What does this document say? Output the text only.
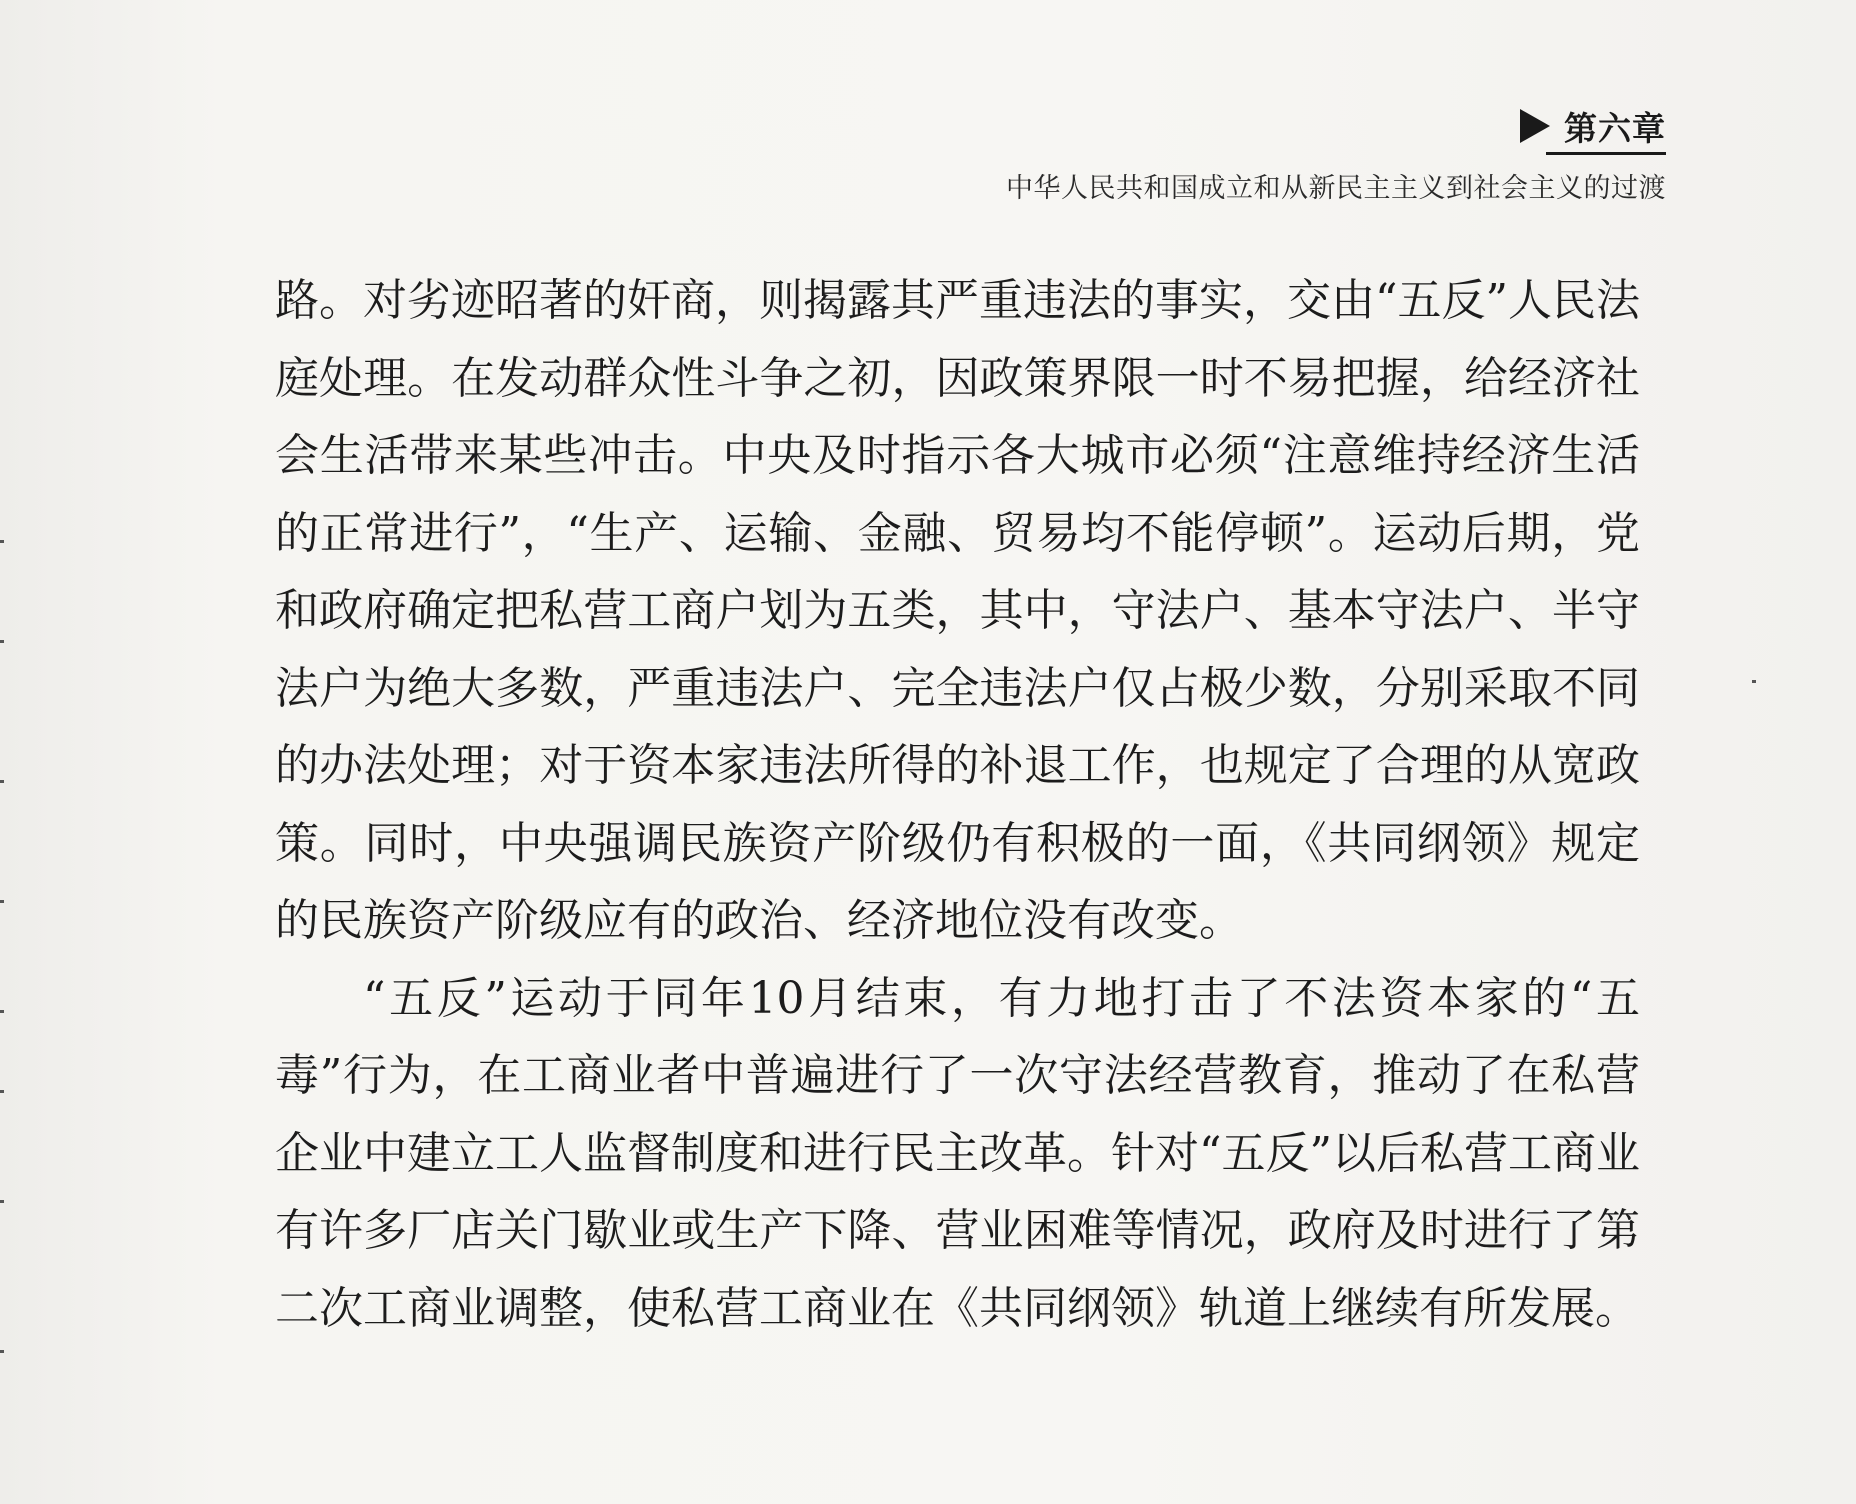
第六章
中华人民共和国成立和从新民主主义到社会主义的过渡

路。对劣迹昭著的奸商，则揭露其严重违法的事实，交由“五反”人民法庭处理。在发动群众性斗争之初，因政策界限一时不易把握，给经济社会生活带来某些冲击。中央及时指示各大城市必须“注意维持经济生活的正常进行”，“生产、运输、金融、贸易均不能停顿”。运动后期，党和政府确定把私营工商户划为五类，其中，守法户、基本守法户、半守法户为绝大多数，严重违法户、完全违法户仅占极少数，分别采取不同的办法处理；对于资本家违法所得的补退工作，也规定了合理的从宽政策。同时，中央强调民族资产阶级仍有积极的一面，《共同纲领》规定的民族资产阶级应有的政治、经济地位没有改变。

“五反”运动于同年10月结束，有力地打击了不法资本家的“五毒”行为，在工商业者中普遍进行了一次守法经营教育，推动了在私营企业中建立工人监督制度和进行民主改革。针对“五反”以后私营工商业有许多厂店关门歇业或生产下降、营业困难等情况，政府及时进行了第二次工商业调整，使私营工商业在《共同纲领》轨道上继续有所发展。
